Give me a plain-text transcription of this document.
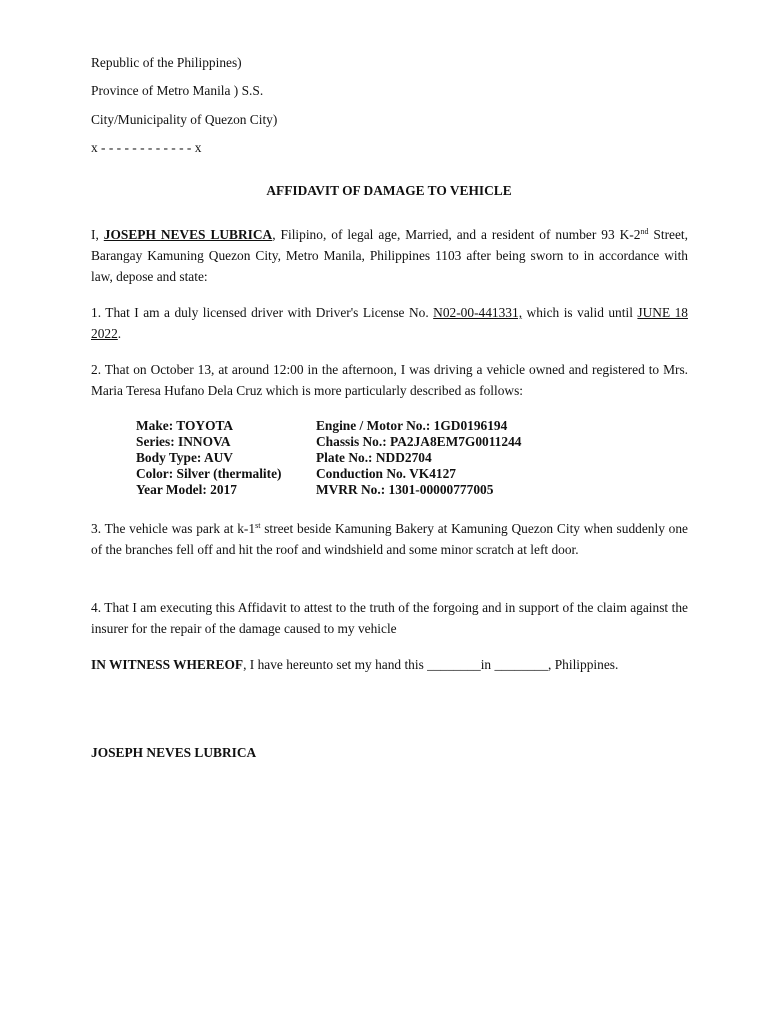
Republic of the Philippines)
Province of Metro Manila ) S.S.
City/Municipality of Quezon City)
x - - - - - - - - - - - - x
AFFIDAVIT OF DAMAGE TO VEHICLE
I, JOSEPH NEVES LUBRICA, Filipino, of legal age, Married, and a resident of number 93 K-2nd Street, Barangay Kamuning Quezon City, Metro Manila, Philippines 1103 after being sworn to in accordance with law, depose and state:
1. That I am a duly licensed driver with Driver's License No. N02-00-441331, which is valid until JUNE 18 2022.
2. That on October 13, at around 12:00 in the afternoon, I was driving a vehicle owned and registered to Mrs. Maria Teresa Hufano Dela Cruz which is more particularly described as follows:
Make: TOYOTA
Series: INNOVA
Body Type: AUV
Color: Silver (thermalite)
Year Model: 2017
Engine / Motor No.: 1GD0196194
Chassis No.: PA2JA8EM7G0011244
Plate No.: NDD2704
Conduction No. VK4127
MVRR No.: 1301-00000777005
3. The vehicle was park at k-1st street beside Kamuning Bakery at Kamuning Quezon City when suddenly one of the branches fell off and hit the roof and windshield and some minor scratch at left door.
4. That I am executing this Affidavit to attest to the truth of the forgoing and in support of the claim against the insurer for the repair of the damage caused to my vehicle
IN WITNESS WHEREOF, I have hereunto set my hand this ________in ________, Philippines.
JOSEPH NEVES LUBRICA
